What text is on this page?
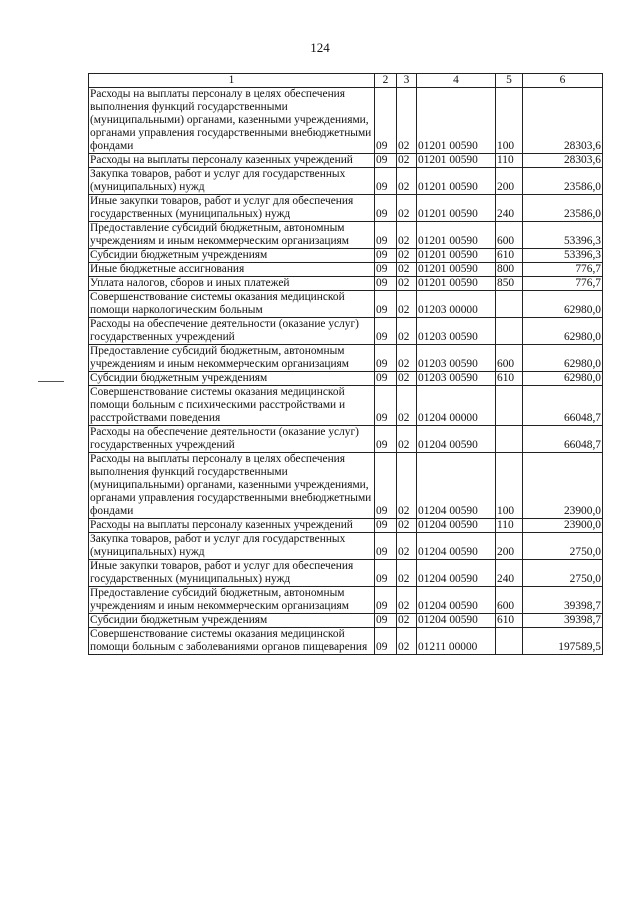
124
1	2	3	4	5	6
Расходы на выплаты персоналу в целях обеспечения выполнения функций государственными (муниципальными) органами, казенными учреждениями, органами управления государственными внебюджетными фондами	09	02	01201 00590	100	28303,6
Расходы на выплаты персоналу казенных учреждений	09	02	01201 00590	110	28303,6
Закупка товаров, работ и услуг для государственных (муниципальных) нужд	09	02	01201 00590	200	23586,0
Иные закупки товаров, работ и услуг для обеспечения государственных (муниципальных) нужд	09	02	01201 00590	240	23586,0
Предоставление субсидий бюджетным, автономным учреждениям и иным некоммерческим организациям	09	02	01201 00590	600	53396,3
Субсидии бюджетным учреждениям	09	02	01201 00590	610	53396,3
Иные бюджетные ассигнования	09	02	01201 00590	800	776,7
Уплата налогов, сборов и иных платежей	09	02	01201 00590	850	776,7
Совершенствование системы оказания медицинской помощи наркологическим больным	09	02	01203 00000		62980,0
Расходы на обеспечение деятельности (оказание услуг) государственных учреждений	09	02	01203 00590		62980,0
Предоставление субсидий бюджетным, автономным учреждениям и иным некоммерческим организациям	09	02	01203 00590	600	62980,0
Субсидии бюджетным учреждениям	09	02	01203 00590	610	62980,0
Совершенствование системы оказания медицинской помощи больным с психическими расстройствами и расстройствами поведения	09	02	01204 00000		66048,7
Расходы на обеспечение деятельности (оказание услуг) государственных учреждений	09	02	01204 00590		66048,7
Расходы на выплаты персоналу в целях обеспечения выполнения функций государственными (муниципальными) органами, казенными учреждениями, органами управления государственными внебюджетными фондами	09	02	01204 00590	100	23900,0
Расходы на выплаты персоналу казенных учреждений	09	02	01204 00590	110	23900,0
Закупка товаров, работ и услуг для государственных (муниципальных) нужд	09	02	01204 00590	200	2750,0
Иные закупки товаров, работ и услуг для обеспечения государственных (муниципальных) нужд	09	02	01204 00590	240	2750,0
Предоставление субсидий бюджетным, автономным учреждениям и иным некоммерческим организациям	09	02	01204 00590	600	39398,7
Субсидии бюджетным учреждениям	09	02	01204 00590	610	39398,7
Совершенствование системы оказания медицинской помощи больным с заболеваниями органов пищеварения	09	02	01211 00000		197589,5
